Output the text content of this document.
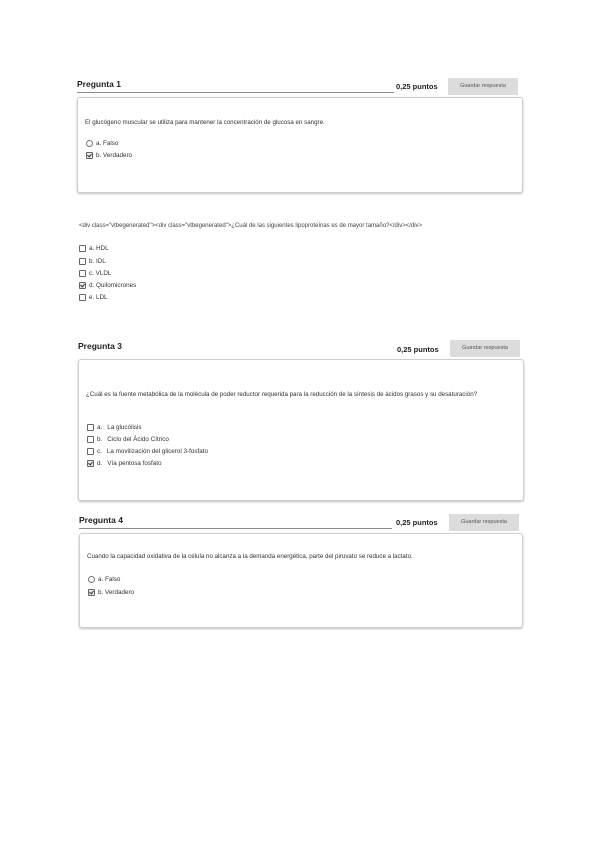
Pregunta 1	0,25 puntos	Guardar respuesta
El glucógeno muscular se utiliza para mantener la concentración de glucosa en sangre.
a. Falso
b. Verdadero
<div class="vtbegenerated"><div class="vtbegenerated">¿Cuál de las siguientes lipoproteínas es de mayor tamaño?</div></div>
a. HDL
b. IDL
c. VLDL
d. Quilomicrones
e. LDL
Pregunta 3	0,25 puntos	Guardar respuesta
¿Cuál es la fuente metabólica de la molécula de poder reductor requerida para la reducción de la síntesis de ácidos grasos y su desaturación?
a. La glucólisis
b. Ciclo del Ácido Cítrico
c. La movilización del glicerol 3-fosfato
d. Vía pentosa fosfato
Pregunta 4	0,25 puntos	Guardar respuesta
Cuando la capacidad oxidativa de la célula no alcanza a la demanda energética, parte del piruvato se reduce a lactato.
a. Falso
b. Verdadero
